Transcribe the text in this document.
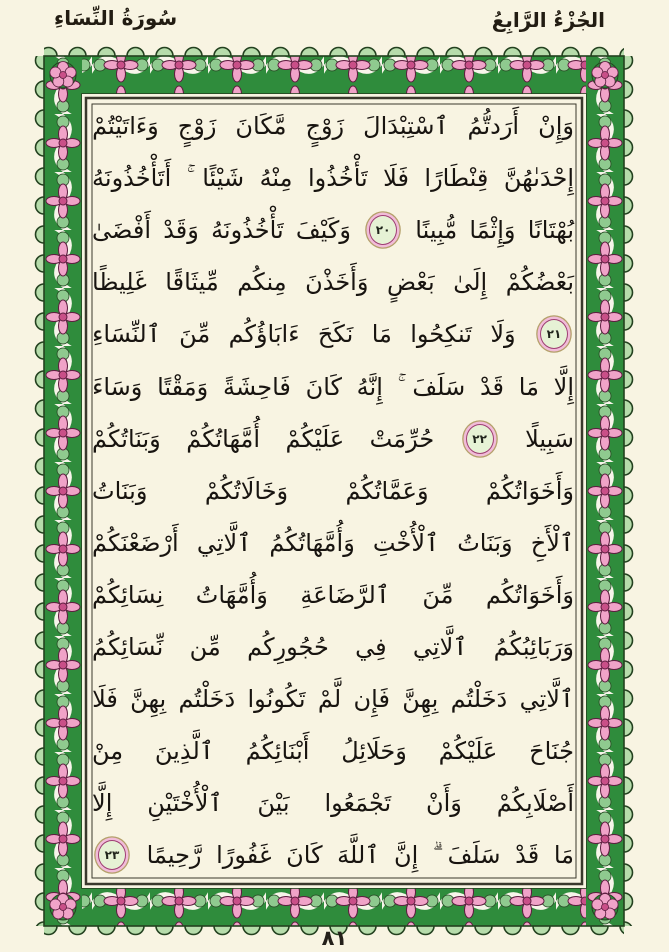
الجُزْءُ الرَّابِعُ
سُورَةُ النِّسَاءِ
وَإِنْ
أَرَدتُّمُ
ٱسْتِبْدَالَ
زَوْجٍ
مَّكَانَ
زَوْجٍ
وَءَاتَيْتُمْ
إِحْدَىٰهُنَّ
قِنْطَارًا
فَلَا
تَأْخُذُوا
مِنْهُ
شَيْئًا
أَتَأْخُذُونَهُ
بُهْتَانًا
وَإِثْمًا
مُّبِينًا
٢٠
وَكَيْفَ
تَأْخُذُونَهُ
وَقَدْ
أَفْضَىٰ
بَعْضُكُمْ
إِلَىٰ
بَعْضٍ
وَأَخَذْنَ
مِنكُم
مِّيثَاقًا
غَلِيظًا
٢١
وَلَا
تَنكِحُوا
مَا
نَكَحَ
ءَابَاؤُكُم
مِّنَ
ٱلنِّسَاءِ
إِلَّا
مَا
قَدْ
سَلَفَ
إِنَّهُ
كَانَ
فَاحِشَةً
وَمَقْتًا
وَسَاءَ
سَبِيلًا
٢٢
حُرِّمَتْ
عَلَيْكُمْ
أُمَّهَاتُكُمْ
وَبَنَاتُكُمْ
وَأَخَوَاتُكُمْ
وَعَمَّاتُكُمْ
وَخَالَاتُكُمْ
وَبَنَاتُ
ٱلْأَخِ
وَبَنَاتُ
ٱلْأُخْتِ
وَأُمَّهَاتُكُمُ
ٱلَّاتِي
أَرْضَعْنَكُمْ
وَأَخَوَاتُكُم
مِّنَ
ٱلرَّضَاعَةِ
وَأُمَّهَاتُ
نِسَائِكُمْ
وَرَبَائِبُكُمُ
ٱلَّاتِي
فِي
حُجُورِكُم
مِّن
نِّسَائِكُمُ
ٱلَّاتِي
دَخَلْتُم
بِهِنَّ
فَإِن
لَّمْ
تَكُونُوا
دَخَلْتُم
بِهِنَّ
فَلَا
جُنَاحَ
عَلَيْكُمْ
وَحَلَائِلُ
أَبْنَائِكُمُ
ٱلَّذِينَ
مِنْ
أَصْلَابِكُمْ
وَأَنْ
تَجْمَعُوا
بَيْنَ
ٱلْأُخْتَيْنِ
إِلَّا
مَا
قَدْ
سَلَفَ
إِنَّ
ٱللَّهَ
كَانَ
غَفُورًا
رَّحِيمًا
٢٣
٨١
